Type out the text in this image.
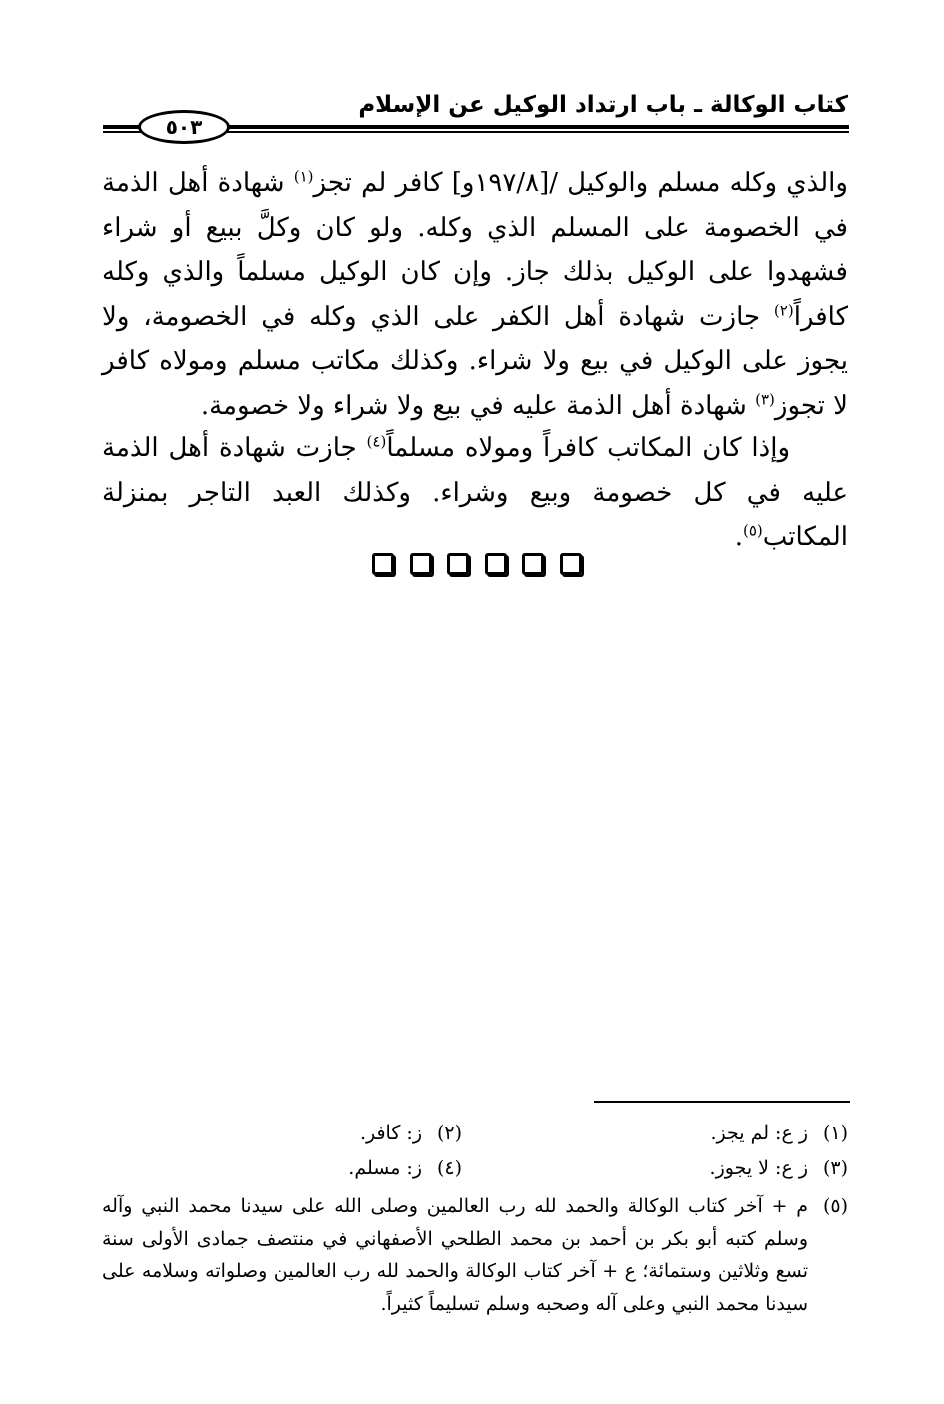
كتاب الوكالة ـ باب ارتداد الوكيل عن الإسلام
٥٠٣
والذي وكله مسلم والوكيل /[١٩٧/٨و] كافر لم تجز$^{(١)}$ شهادة أهل الذمة في الخصومة على المسلم الذي وكله. ولو كان وكلَّ ببيع أو شراء فشهدوا على الوكيل بذلك جاز. وإن كان الوكيل مسلماً والذي وكله كافراً$^{(٢)}$ جازت شهادة أهل الكفر على الذي وكله في الخصومة، ولا يجوز على الوكيل في بيع ولا شراء. وكذلك مكاتب مسلم ومولاه كافر لا تجوز$^{(٣)}$ شهادة أهل الذمة عليه في بيع ولا شراء ولا خصومة.
وإذا كان المكاتب كافراً ومولاه مسلماً$^{(٤)}$ جازت شهادة أهل الذمة عليه في كل خصومة وبيع وشراء. وكذلك العبد التاجر بمنزلة المكاتب$^{(٥)}$.
(١)ز ع: لم يجز.
(٢)ز: كافر.
(٣)ز ع: لا يجوز.
(٤)ز: مسلم.
(٥)
م + آخر كتاب الوكالة والحمد لله رب العالمين وصلى الله على سيدنا محمد النبي وآله وسلم كتبه أبو بكر بن أحمد بن محمد الطلحي الأصفهاني في منتصف جمادى الأولى سنة تسع وثلاثين وستمائة؛ ع + آخر كتاب الوكالة والحمد لله رب العالمين وصلواته وسلامه على سيدنا محمد النبي وعلى آله وصحبه وسلم تسليماً كثيراً.
